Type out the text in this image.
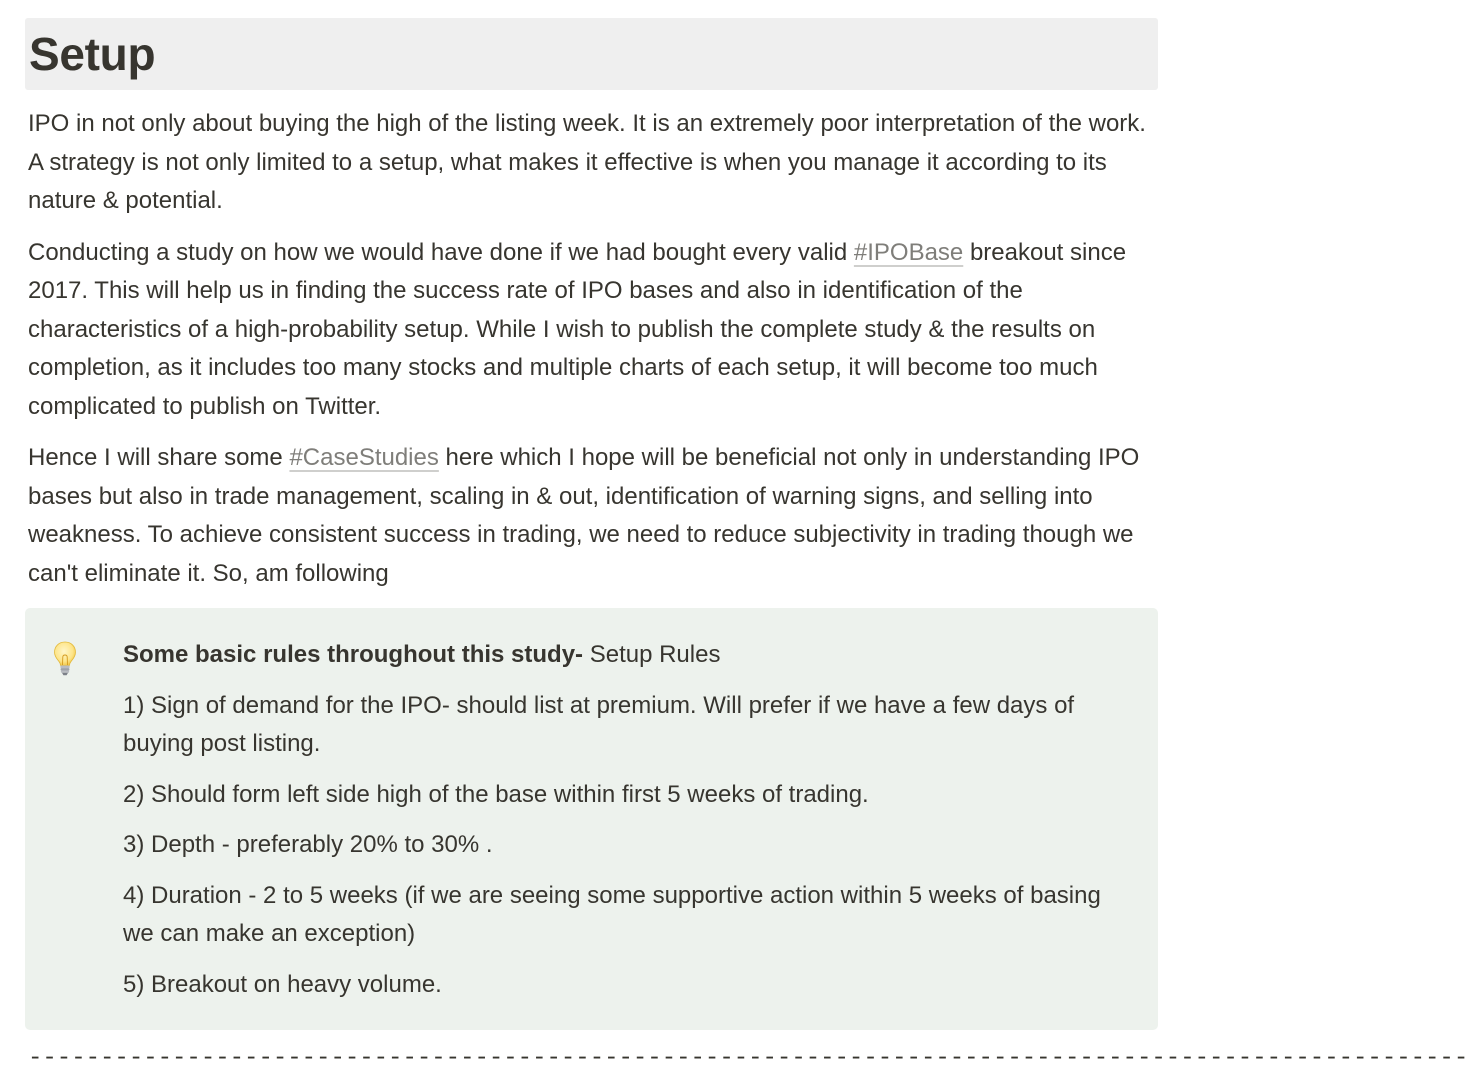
Setup

IPO in not only about buying the high of the listing week. It is an extremely poor interpretation of the work. A strategy is not only limited to a setup, what makes it effective is when you manage it according to its nature & potential.

Conducting a study on how we would have done if we had bought every valid #IPOBase breakout since 2017. This will help us in finding the success rate of IPO bases and also in identification of the characteristics of a high-probability setup. While I wish to publish the complete study & the results on completion, as it includes too many stocks and multiple charts of each setup, it will become too much complicated to publish on Twitter.

Hence I will share some #CaseStudies here which I hope will be beneficial not only in understanding IPO bases but also in trade management, scaling in & out, identification of warning signs, and selling into weakness. To achieve consistent success in trading, we need to reduce subjectivity in trading though we can't eliminate it. So, am following

Some basic rules throughout this study- Setup Rules

1) Sign of demand for the IPO- should list at premium. Will prefer if we have a few days of buying post listing.

2) Should form left side high of the base within first 5 weeks of trading.

3) Depth - preferably 20% to 30% .

4) Duration - 2 to 5 weeks (if we are seeing some supportive action within 5 weeks of basing we can make an exception)

5) Breakout on heavy volume.

----------------------------------------------------------------------------------------------------
